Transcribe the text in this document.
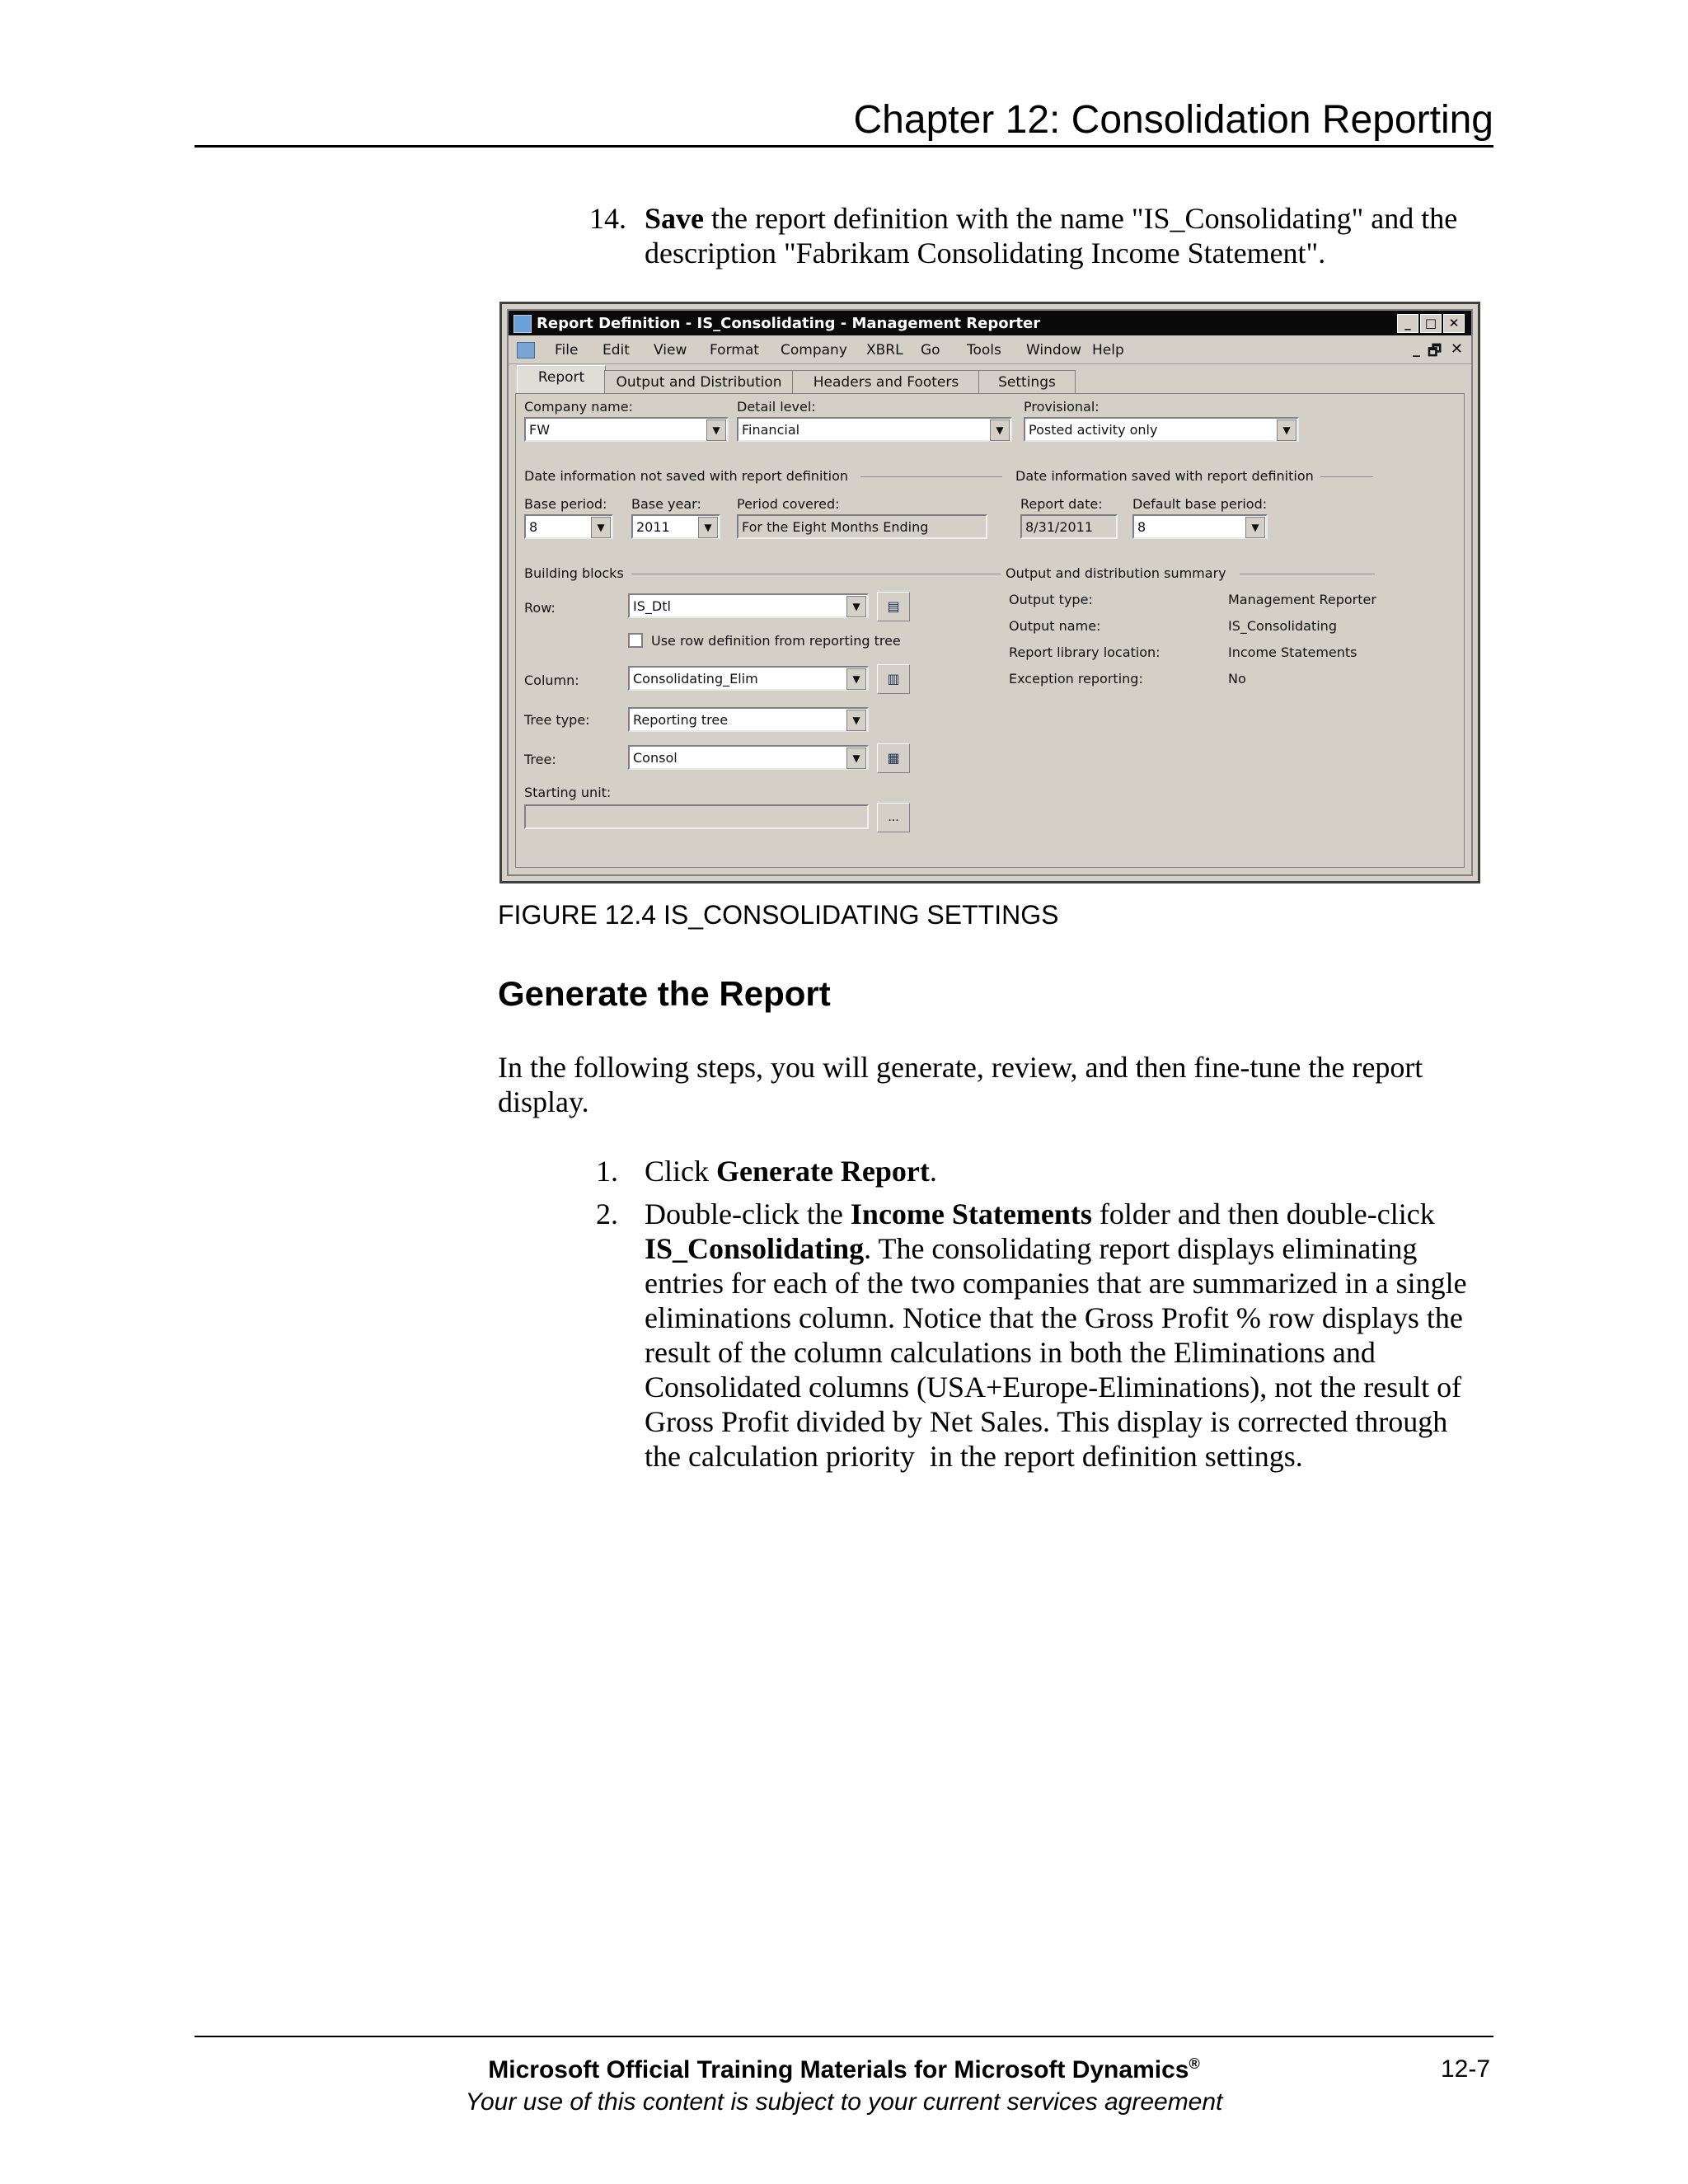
Chapter 12: Consolidation Reporting
14. Save the report definition with the name "IS_Consolidating" and the
description "Fabrikam Consolidating Income Statement".
Report Definition - IS_Consolidating - Management Reporter	_	□ ✕
File Edit View Format Company XBRL Go Tools Window Help	_ 🗗 ✕
Report	Output and Distribution	Headers and Footers	Settings
Company name:
FW	▼
Detail level:
Financial	▼
Provisional:
Posted activity only	▼
Date information not saved with report definition	Date information saved with report definition
Base period:
8	▼
Base year:
2011	▼
Period covered:
For the Eight Months Ending
Report date:
8/31/2011
Default base period:
8	▼
Building blocks
Row:	IS_Dtl	▼	▤
Use row definition from reporting tree
Column:	Consolidating_Elim	▼	▥
Tree type:	Reporting tree	▼
Tree:	Consol	▼	▦
Starting unit:
...
Output and distribution summary
Output type:	Management Reporter
Output name:	IS_Consolidating
Report library location:	Income Statements
Exception reporting:	No
FIGURE 12.4 IS_CONSOLIDATING SETTINGS
Generate the Report
In the following steps, you will generate, review, and then fine-tune the report
display.
1. Click Generate Report.
2. Double-click the Income Statements folder and then double-click
IS_Consolidating. The consolidating report displays eliminating
entries for each of the two companies that are summarized in a single
eliminations column. Notice that the Gross Profit % row displays the
result of the column calculations in both the Eliminations and
Consolidated columns (USA+Europe-Eliminations), not the result of
Gross Profit divided by Net Sales. This display is corrected through
the calculation priority  in the report definition settings.
Microsoft Official Training Materials for Microsoft Dynamics®
Your use of this content is subject to your current services agreement
12-7
